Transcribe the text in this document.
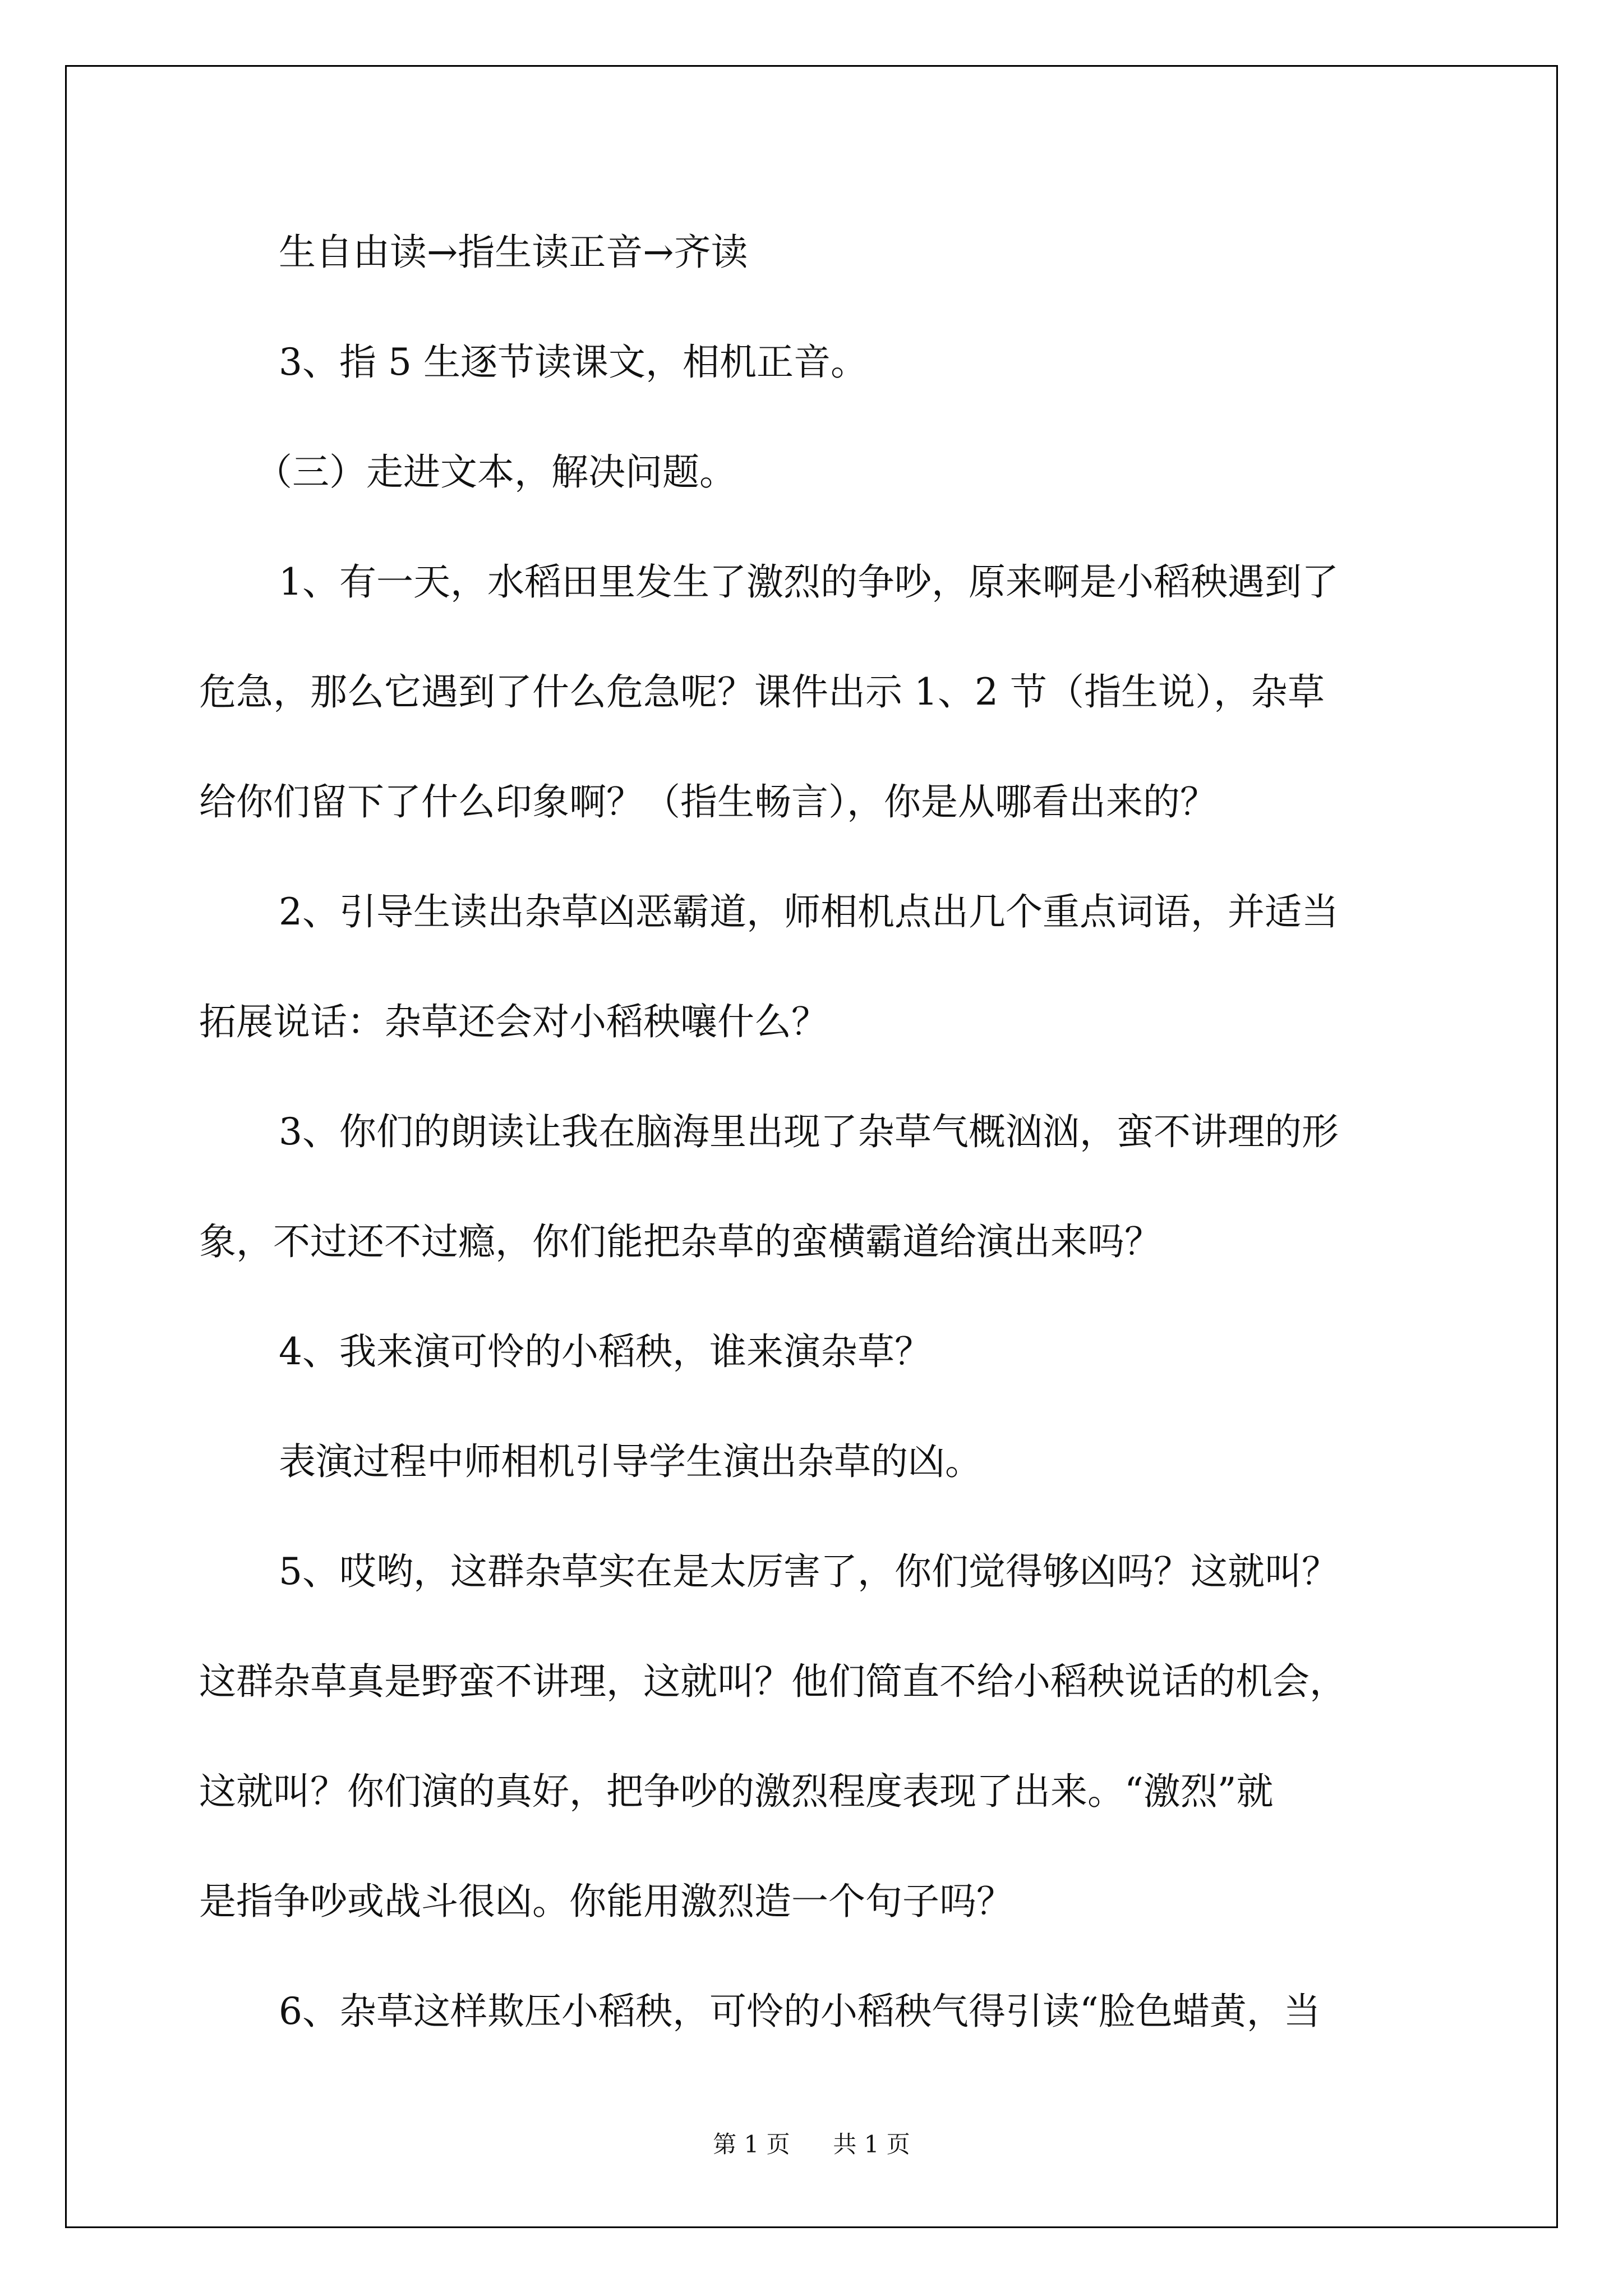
生自由读→指生读正音→齐读
3、指 5 生逐节读课文，相机正音。
（三）走进文本，解决问题。
1、有一天，水稻田里发生了激烈的争吵，原来啊是小稻秧遇到了
危急，那么它遇到了什么危急呢？课件出示 1、2 节（指生说），杂草
给你们留下了什么印象啊？（指生畅言），你是从哪看出来的？
2、引导生读出杂草凶恶霸道，师相机点出几个重点词语，并适当
拓展说话：杂草还会对小稻秧嚷什么？
3、你们的朗读让我在脑海里出现了杂草气概汹汹，蛮不讲理的形
象，不过还不过瘾，你们能把杂草的蛮横霸道给演出来吗？
4、我来演可怜的小稻秧，谁来演杂草？
表演过程中师相机引导学生演出杂草的凶。
5、哎哟，这群杂草实在是太厉害了，你们觉得够凶吗？这就叫？
这群杂草真是野蛮不讲理，这就叫？他们简直不给小稻秧说话的机会，
这就叫？你们演的真好，把争吵的激烈程度表现了出来。“激烈”就
是指争吵或战斗很凶。你能用激烈造一个句子吗？
6、杂草这样欺压小稻秧，可怜的小稻秧气得引读“脸色蜡黄，当
第 1 页 共 1 页
